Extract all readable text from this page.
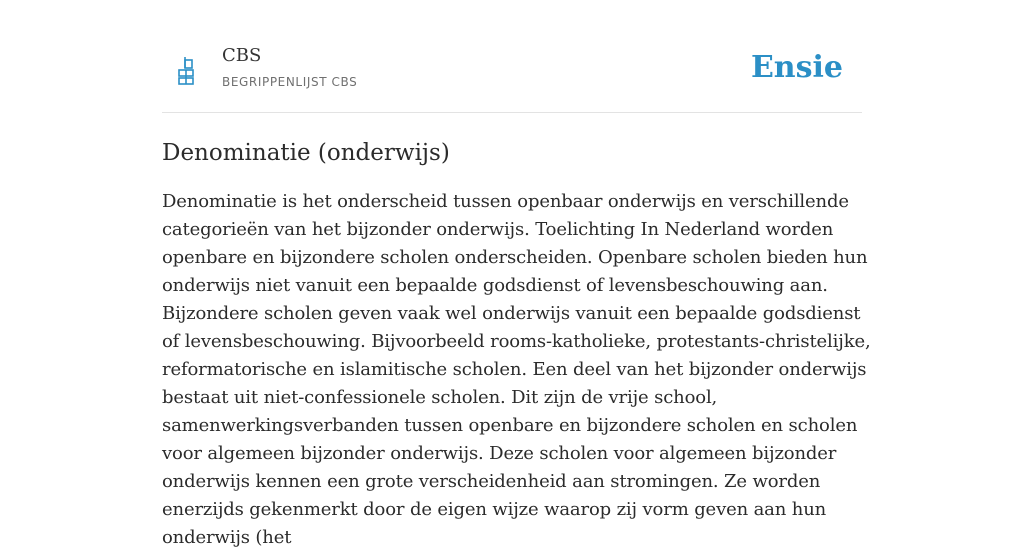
CBS
BEGRIPPENLIJST CBS	Ensie
Denominatie (onderwijs)

Denominatie is het onderscheid tussen openbaar onderwijs en verschillende categorieën van het bijzonder onderwijs. Toelichting In Nederland worden openbare en bijzondere scholen onderscheiden. Openbare scholen bieden hun onderwijs niet vanuit een bepaalde godsdienst of levensbeschouwing aan. Bijzondere scholen geven vaak wel onderwijs vanuit een bepaalde godsdienst of levensbeschouwing. Bijvoorbeeld rooms-katholieke, protestants-christelijke, reformatorische en islamitische scholen. Een deel van het bijzonder onderwijs bestaat uit niet-confessionele scholen. Dit zijn de vrije school, samenwerkingsverbanden tussen openbare en bijzondere scholen en scholen voor algemeen bijzonder onderwijs. Deze scholen voor algemeen bijzonder onderwijs kennen een grote verscheidenheid aan stromingen. Ze worden enerzijds gekenmerkt door de eigen wijze waarop zij vorm geven aan hun onderwijs (het
